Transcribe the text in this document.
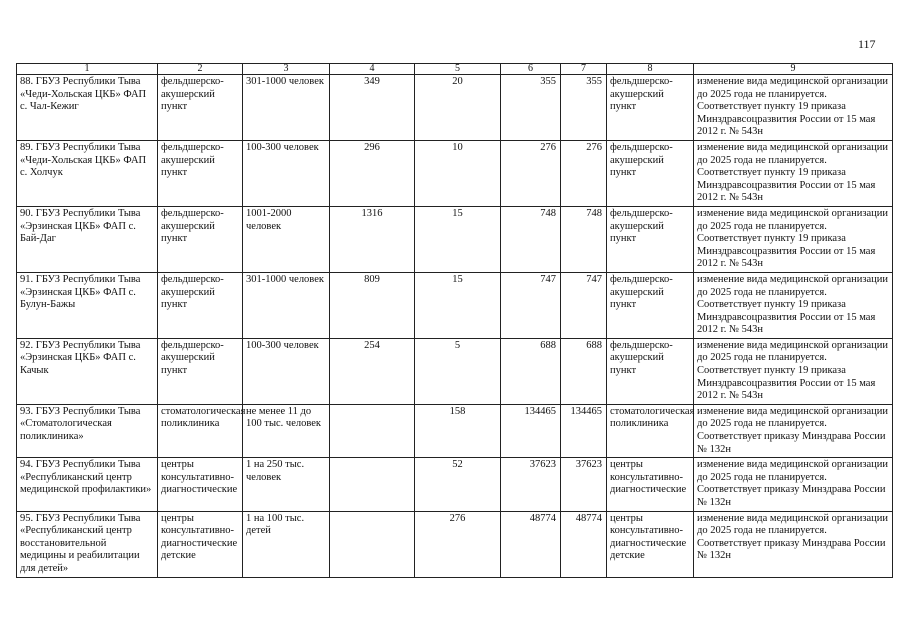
117
1	2	3	4	5	6	7	8	9
88. ГБУЗ Республики Тыва «Чеди-Хольская ЦКБ» ФАП с. Чал-Кежиг	фельдшерско-акушерский пункт	301-1000 человек	349	20	355	355	фельдшерско-акушерский пункт	изменение вида медицинской организации до 2025 года не планируется. Соответствует пункту 19 приказа Минздравсоцразвития России от 15 мая 2012 г. № 543н
89. ГБУЗ Республики Тыва «Чеди-Хольская ЦКБ» ФАП с. Холчук	фельдшерско-акушерский пункт	100-300 человек	296	10	276	276	фельдшерско-акушерский пункт	изменение вида медицинской организации до 2025 года не планируется. Соответствует пункту 19 приказа Минздравсоцразвития России от 15 мая 2012 г. № 543н
90. ГБУЗ Республики Тыва «Эрзинская ЦКБ» ФАП с. Бай-Даг	фельдшерско-акушерский пункт	1001-2000 человек	1316	15	748	748	фельдшерско-акушерский пункт	изменение вида медицинской организации до 2025 года не планируется. Соответствует пункту 19 приказа Минздравсоцразвития России от 15 мая 2012 г. № 543н
91. ГБУЗ Республики Тыва «Эрзинская ЦКБ» ФАП с. Булун-Бажы	фельдшерско-акушерский пункт	301-1000 человек	809	15	747	747	фельдшерско-акушерский пункт	изменение вида медицинской организации до 2025 года не планируется. Соответствует пункту 19 приказа Минздравсоцразвития России от 15 мая 2012 г. № 543н
92. ГБУЗ Республики Тыва «Эрзинская ЦКБ» ФАП с. Качык	фельдшерско-акушерский пункт	100-300 человек	254	5	688	688	фельдшерско-акушерский пункт	изменение вида медицинской организации до 2025 года не планируется. Соответствует пункту 19 приказа Минздравсоцразвития России от 15 мая 2012 г. № 543н
93. ГБУЗ Республики Тыва «Стоматологическая поликлиника»	стоматологическая поликлиника	не менее 11 до 100 тыс. человек		158	134465	134465	стоматологическая поликлиника	изменение вида медицинской организации до 2025 года не планируется. Соответствует приказу Минздрава России № 132н
94. ГБУЗ Республики Тыва «Республиканский центр медицинской профилактики»	центры консультативно-диагностические	1 на 250 тыс. человек		52	37623	37623	центры консультативно-диагностические	изменение вида медицинской организации до 2025 года не планируется. Соответствует приказу Минздрава России № 132н
95. ГБУЗ Республики Тыва «Республиканский центр восстановительной медицины и реабилитации для детей»	центры консультативно-диагностические детские	1 на 100 тыс. детей		276	48774	48774	центры консультативно-диагностические детские	изменение вида медицинской организации до 2025 года не планируется. Соответствует приказу Минздрава России № 132н
